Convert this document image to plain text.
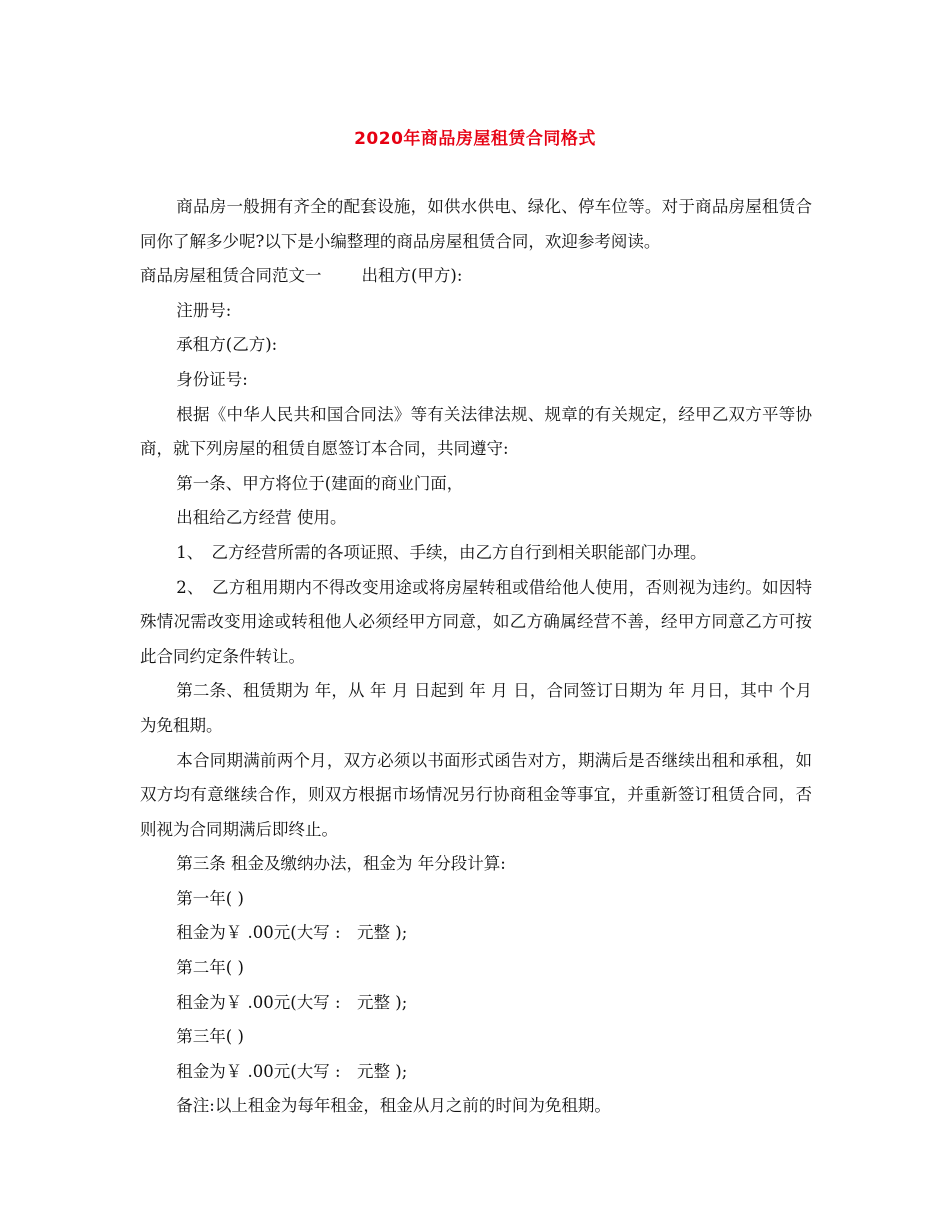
2020年商品房屋租赁合同格式

商品房一般拥有齐全的配套设施，如供水供电、绿化、停车位等。对于商品房屋租赁合同你了解多少呢?以下是小编整理的商品房屋租赁合同，欢迎参考阅读。

商品房屋租赁合同范文一 出租方(甲方):

注册号:

承租方(乙方):

身份证号:

根据《中华人民共和国合同法》等有关法律法规、规章的有关规定，经甲乙双方平等协商，就下列房屋的租赁自愿签订本合同，共同遵守:

第一条、甲方将位于(建面的商业门面，

出租给乙方经营 使用。

1、　乙方经营所需的各项证照、手续，由乙方自行到相关职能部门办理。

2、　乙方租用期内不得改变用途或将房屋转租或借给他人使用，否则视为违约。如因特殊情况需改变用途或转租他人必须经甲方同意，如乙方确属经营不善，经甲方同意乙方可按此合同约定条件转让。

第二条、租赁期为 年，从 年 月 日起到 年 月 日，合同签订日期为 年 月日，其中 个月为免租期。

本合同期满前两个月，双方必须以书面形式函告对方，期满后是否继续出租和承租，如双方均有意继续合作，则双方根据市场情况另行协商租金等事宜，并重新签订租赁合同，否则视为合同期满后即终止。

第三条 租金及缴纳办法，租金为 年分段计算:

第一年( )

租金为￥ .00元(大写 :　元整 );

第二年( )

租金为￥ .00元(大写 :　元整 );

第三年( )

租金为￥ .00元(大写 :　元整 );

备注:以上租金为每年租金，租金从月之前的时间为免租期。
